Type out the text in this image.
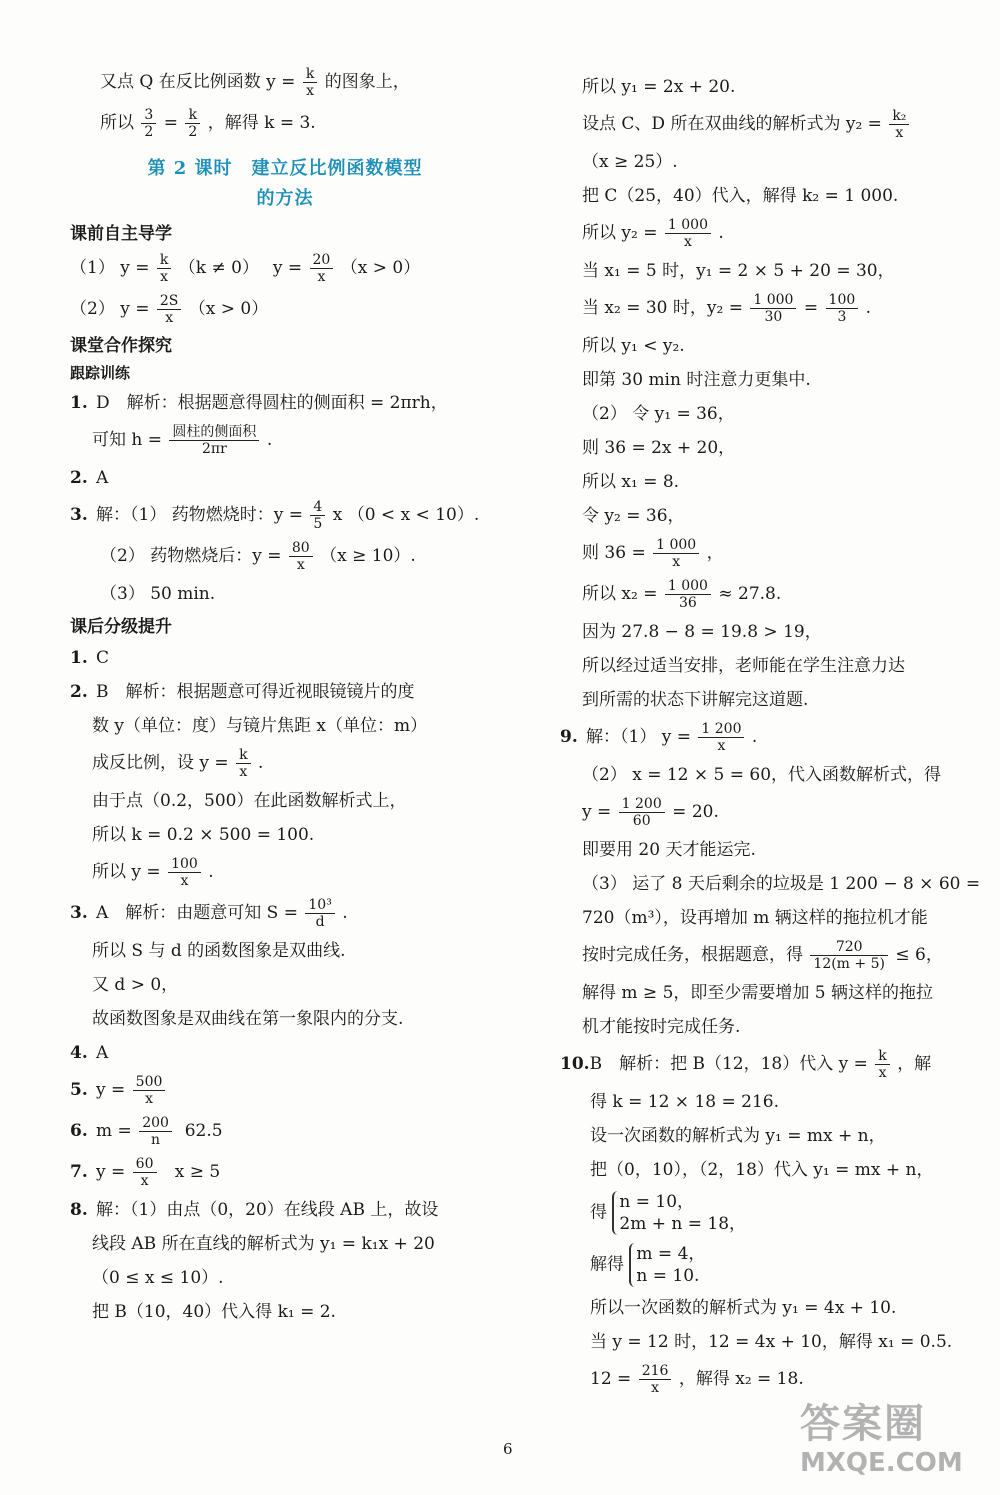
又点 Q 在反比例函数 $y = \frac{k}{x}$ 的图象上，
所以 $\frac{3}{2} = \frac{k}{2}$ ，解得 k = 3.
第 2 课时　建立反比例函数模型
的方法
课前自主导学
（1） $y = \frac{k}{x} (k \ne 0)$　 $y = \frac{20}{x} (x > 0)$
（2） $y = \frac{2S}{x} (x > 0)$
课堂合作探究
跟踪训练
1. D　解析：根据题意得圆柱的侧面积 = 2πrh，
可知 $h = \frac{\text{圆柱的侧面积}}{2\pi r}$ .
2. A
3. 解：（1） 药物燃烧时：$y = \frac{4}{5}$ x （0 < x < 10）.
（2） 药物燃烧后：$y = \frac{80}{x} (x \ge 10)$.
（3） 50 min.
课后分级提升
1. C
2. B　解析：根据题意可得近视眼镜镜片的度
数 y（单位：度）与镜片焦距 x（单位：m）
成反比例，设 $y = \frac{k}{x}$ .
由于点（0.2，500）在此函数解析式上，
所以 k = 0.2 × 500 = 100.
所以 $y = \frac{100}{x}$ .
3. A　解析：由题意可知 $S = \frac{\text{10³}}{d}$ .
所以 S 与 d 的函数图象是双曲线.
又 d > 0，
故函数图象是双曲线在第一象限内的分支.
4. A
5. $y = \frac{500}{x}$
6. $m = \frac{200}{n} 62.5$
7. $y = \frac{60}{x}$ x ≥ 5
8. 解：（1）由点（0，20）在线段 AB 上，故设
线段 AB 所在直线的解析式为 y₁ = k₁x + 20
（0 ≤ x ≤ 10）.
把 B（10，40）代入得 k₁ = 2.
所以 y₁ = 2x + 20.
设点 C、D 所在双曲线的解析式为 $y_2 = \frac{\text{k₂}}{x}$
（x ≥ 25）.
把 C（25，40）代入，解得 k₂ = 1 000.
所以 $y_2 = \frac{1 000}{x}$ .
当 x₁ = 5 时，y₁ = 2 × 5 + 20 = 30，
当 x₂ = 30 时，$y_2 = \frac{1 000}{30} = \frac{100}{3}$ .
所以 y₁ < y₂.
即第 30 min 时注意力更集中.
（2） 令 y₁ = 36，
则 36 = 2x + 20，
所以 x₁ = 8.
令 y₂ = 36，
则 $36 = \frac{1 000}{x}$ ，
所以 $x_2 = \frac{1 000}{36} \approx 27.8$.
因为 27.8 − 8 = 19.8 > 19，
所以经过适当安排，老师能在学生注意力达
到所需的状态下讲解完这道题.
9. 解：（1） $y = \frac{1 200}{x}$ .
（2） x = 12 × 5 = 60，代入函数解析式，得
$y = \frac{1 200}{60} = 20$.
即要用 20 天才能运完.
（3） 运了 8 天后剩余的垃圾是 1 200 − 8 × 60 =
720（m³），设再增加 m 辆这样的拖拉机才能
按时完成任务，根据题意，得 $\frac{720}{12(m + 5)} \le 6$，
解得 m ≥ 5，即至少需要增加 5 辆这样的拖拉
机才能按时完成任务.
10.B　解析：把 B（12，18）代入 $y = \frac{k}{x}$ ，解
得 k = 12 × 18 = 216.
设一次函数的解析式为 y₁ = mx + n，
把（0，10），（2，18）代入 y₁ = mx + n，
得
n = 10，
2m + n = 18，
解得
m = 4，
n = 10.
所以一次函数的解析式为 y₁ = 4x + 10.
当 y = 12 时，12 = 4x + 10，解得 x₁ = 0.5.
$12 = \frac{216}{x}$ ，解得 x₂ = 18.
6
答案圈
MXQE.COM
